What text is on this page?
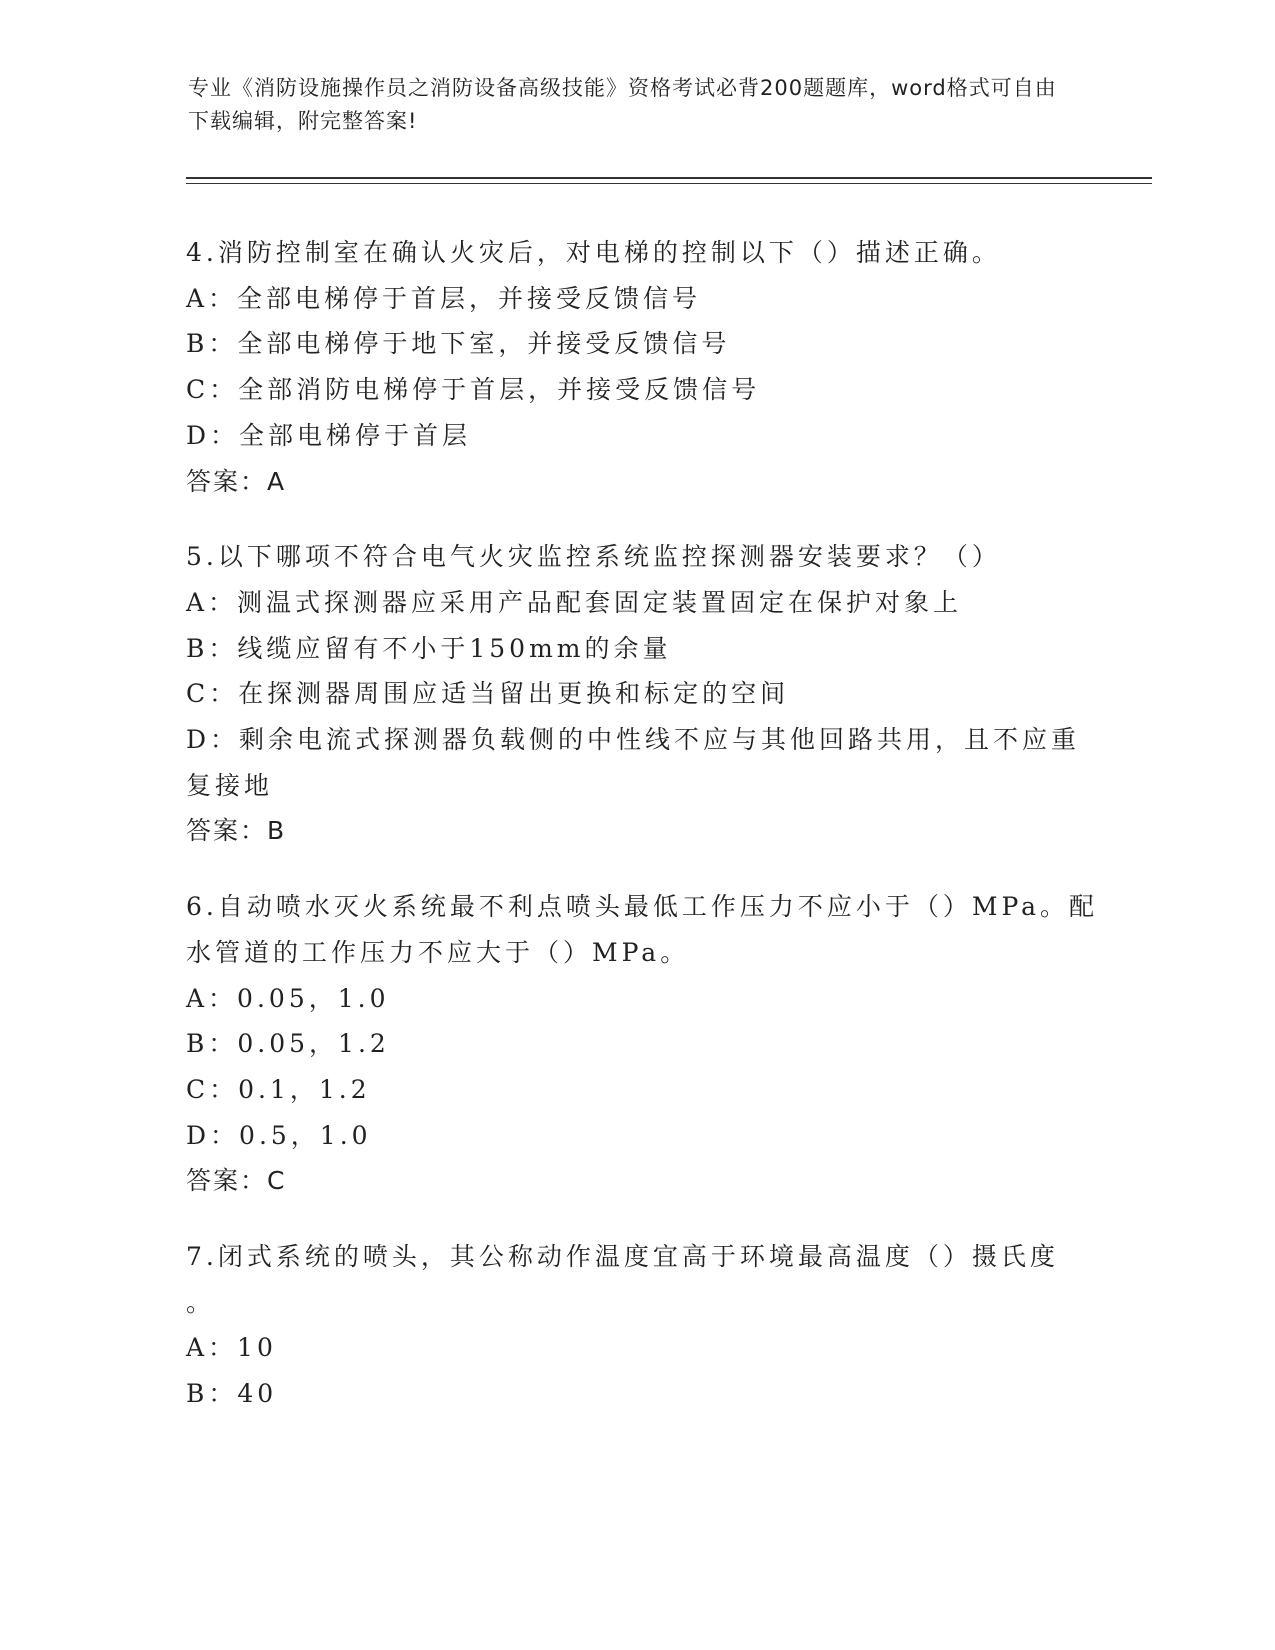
专业《消防设施操作员之消防设备高级技能》资格考试必背200题题库，word格式可自由下载编辑，附完整答案!
4.消防控制室在确认火灾后，对电梯的控制以下（）描述正确。
A：全部电梯停于首层，并接受反馈信号
B：全部电梯停于地下室，并接受反馈信号
C：全部消防电梯停于首层，并接受反馈信号
D：全部电梯停于首层
答案：A
5.以下哪项不符合电气火灾监控系统监控探测器安装要求？（）
A：测温式探测器应采用产品配套固定装置固定在保护对象上
B：线缆应留有不小于150mm的余量
C：在探测器周围应适当留出更换和标定的空间
D：剩余电流式探测器负载侧的中性线不应与其他回路共用，且不应重
复接地
答案：B
6.自动喷水灭火系统最不利点喷头最低工作压力不应小于（）MPa。配
水管道的工作压力不应大于（）MPa。
A：0.05，1.0
B：0.05，1.2
C：0.1，1.2
D：0.5，1.0
答案：C
7.闭式系统的喷头，其公称动作温度宜高于环境最高温度（）摄氏度
。
A：10
B：40
